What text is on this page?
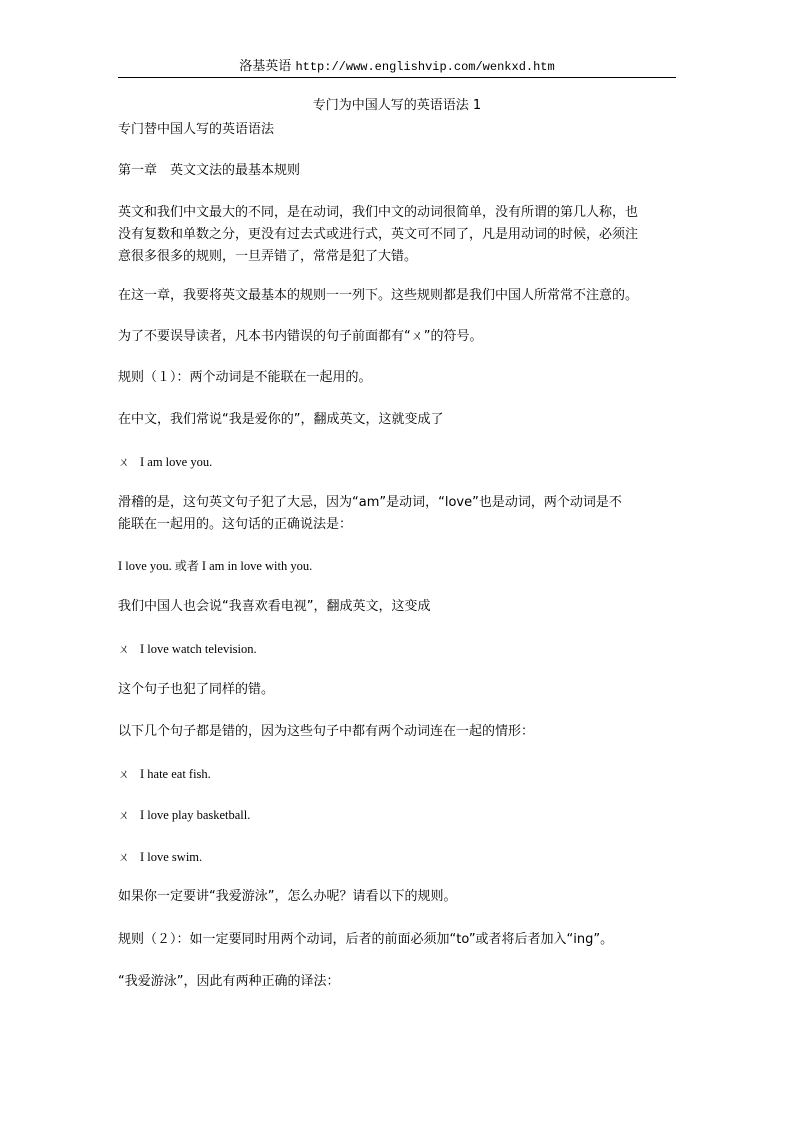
洛基英语 http://www.englishvip.com/wenkxd.htm
专门为中国人写的英语语法 1
专门替中国人写的英语语法
第一章　英文文法的最基本规则
英文和我们中文最大的不同，是在动词，我们中文的动词很简单，没有所谓的第几人称，也
没有复数和单数之分，更没有过去式或进行式，英文可不同了，凡是用动词的时候，必须注
意很多很多的规则，一旦弄错了，常常是犯了大错。
在这一章，我要将英文最基本的规则一一列下。这些规则都是我们中国人所常常不注意的。
为了不要误导读者，凡本书内错误的句子前面都有“ㄨ”的符号。
规则（１）：两个动词是不能联在一起用的。
在中文，我们常说“我是爱你的”，翻成英文，这就变成了
ㄨ I am love you.
滑稽的是，这句英文句子犯了大忌，因为“am”是动词，“love”也是动词，两个动词是不
能联在一起用的。这句话的正确说法是：
I love you. 或者 I am in love with you.
我们中国人也会说“我喜欢看电视”，翻成英文，这变成
ㄨ I love watch television.
这个句子也犯了同样的错。
以下几个句子都是错的，因为这些句子中都有两个动词连在一起的情形：
ㄨ I hate eat fish.
ㄨ I love play basketball.
ㄨ I love swim.
如果你一定要讲“我爱游泳”，怎么办呢？请看以下的规则。
规则（２）：如一定要同时用两个动词，后者的前面必须加“to”或者将后者加入“ing”。
“我爱游泳”，因此有两种正确的译法：
